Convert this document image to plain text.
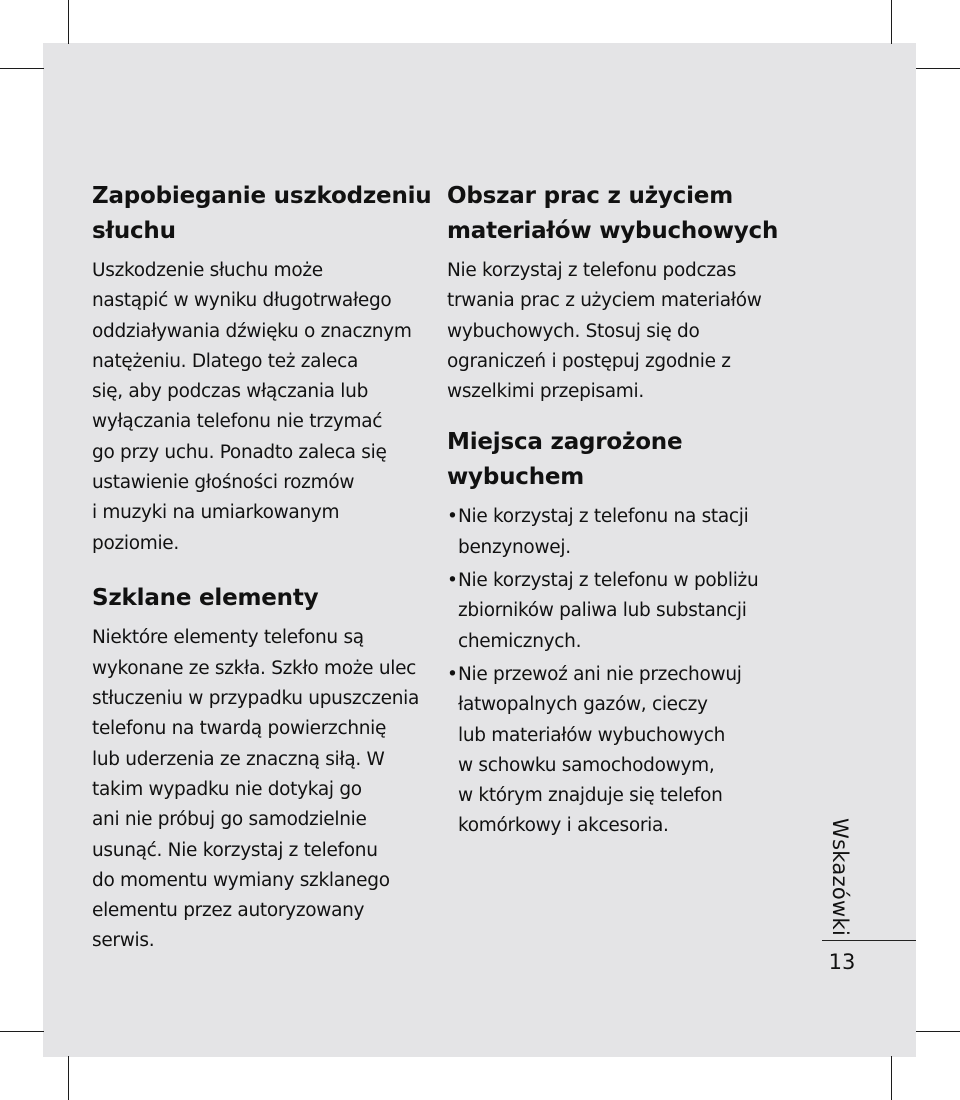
Zapobieganie uszkodzeniu
słuchu

Uszkodzenie słuchu może
nastąpić w wyniku długotrwałego
oddziaływania dźwięku o znacznym
natężeniu. Dlatego też zaleca
się, aby podczas włączania lub
wyłączania telefonu nie trzymać
go przy uchu. Ponadto zaleca się
ustawienie głośności rozmów
i muzyki na umiarkowanym
poziomie.

Szklane elementy

Niektóre elementy telefonu są
wykonane ze szkła. Szkło może ulec
stłuczeniu w przypadku upuszczenia
telefonu na twardą powierzchnię
lub uderzenia ze znaczną siłą. W
takim wypadku nie dotykaj go
ani nie próbuj go samodzielnie
usunąć. Nie korzystaj z telefonu
do momentu wymiany szklanego
elementu przez autoryzowany
serwis.

Obszar prac z użyciem
materiałów wybuchowych

Nie korzystaj z telefonu podczas
trwania prac z użyciem materiałów
wybuchowych. Stosuj się do
ograniczeń i postępuj zgodnie z
wszelkimi przepisami.

Miejsca zagrożone
wybuchem
• Nie korzystaj z telefonu na stacji
benzynowej.
• Nie korzystaj z telefonu w pobliżu
zbiorników paliwa lub substancji
chemicznych.
• Nie przewoź ani nie przechowuj
łatwopalnych gazów, cieczy
lub materiałów wybuchowych
w schowku samochodowym,
w którym znajduje się telefon
komórkowy i akcesoria.	Wskazówki
13
